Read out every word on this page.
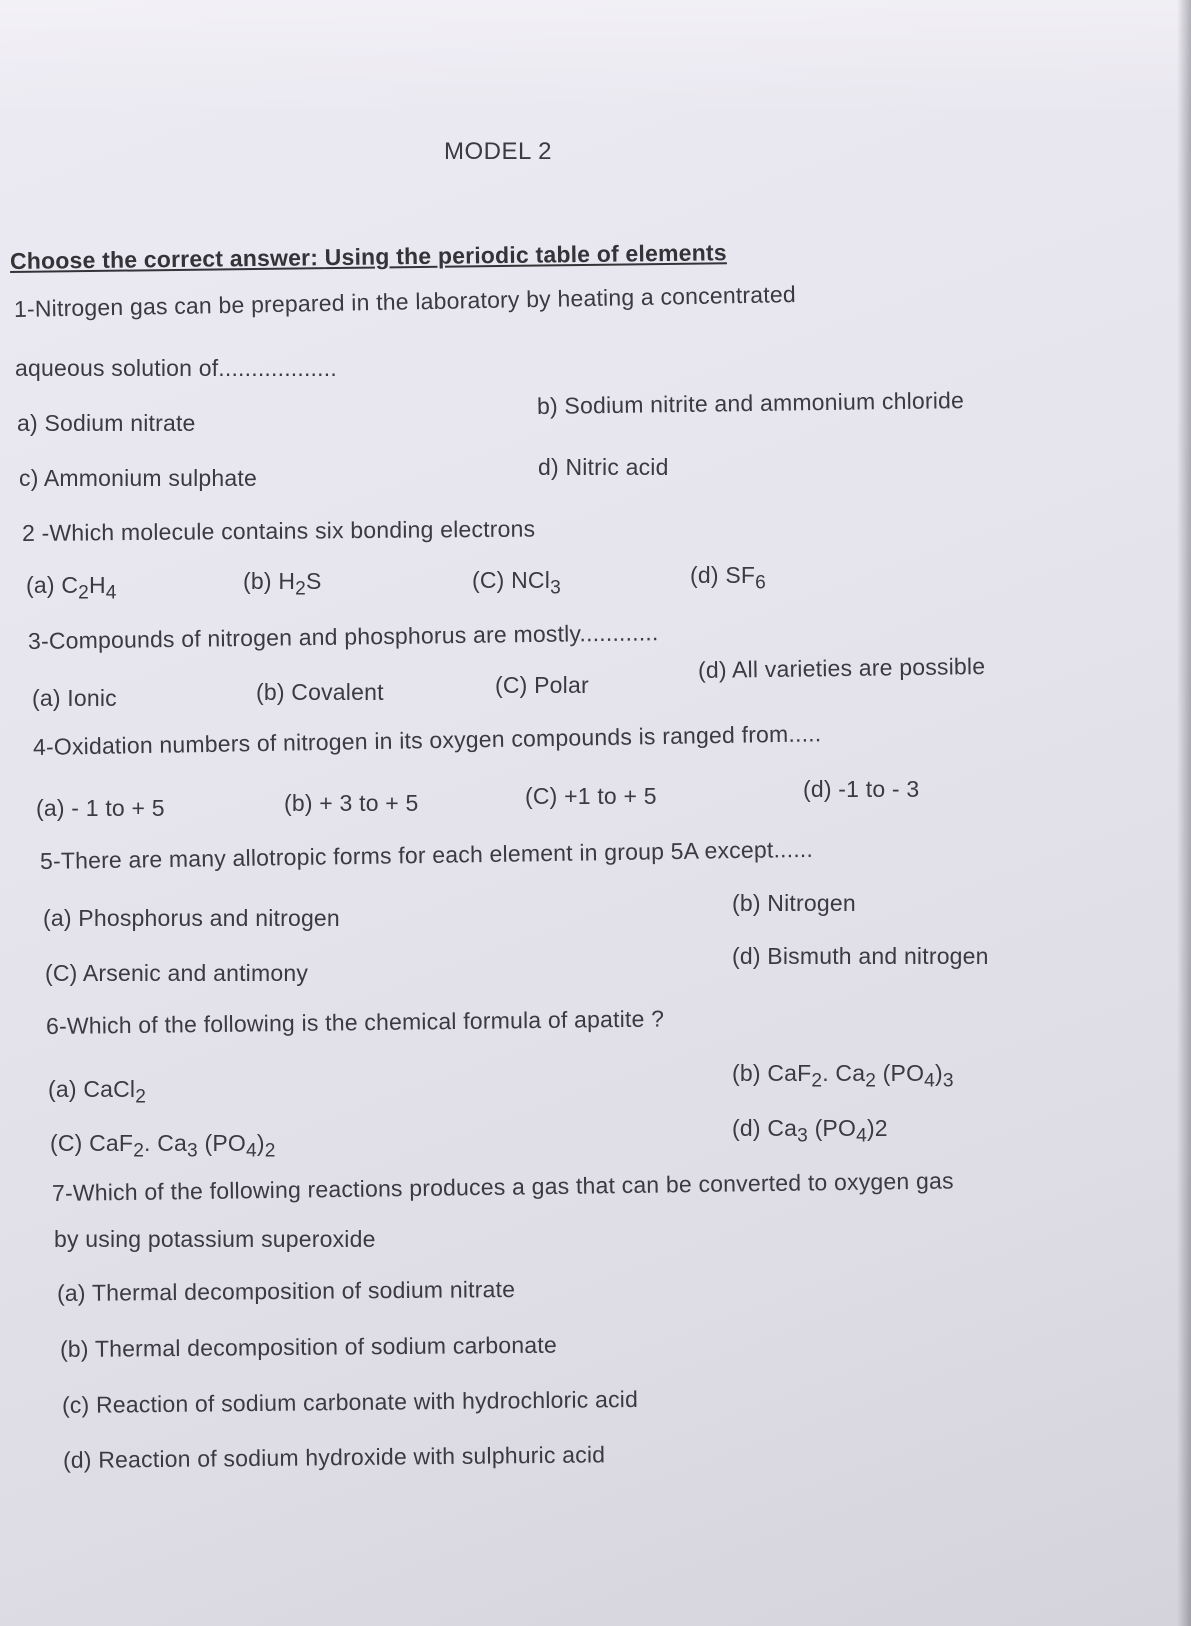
MODEL 2
Choose the correct answer: Using the periodic table of elements
1-Nitrogen gas can be prepared in the laboratory by heating a concentrated
aqueous solution of..................
a) Sodium nitrate
b) Sodium nitrite and ammonium chloride
c) Ammonium sulphate	d) Nitric acid
2 -Which molecule contains six bonding electrons
(a) $C_2H_4$	(b) $H_2S$	(C) NCl$_3$
(d) $SF_6$
3-Compounds of nitrogen and phosphorus are mostly............
(a) Ionic	(b) Covalent	(C) Polar
(d) All varieties are possible
4-Oxidation numbers of nitrogen in its oxygen compounds is ranged from.....
(a) - 1 to + 5	(b) + 3 to + 5	(C) +1 to + 5	(d) -1 to - 3
5-There are many allotropic forms for each element in group 5A except......
(a) Phosphorus and nitrogen
(b) Nitrogen
(C) Arsenic and antimony
(d) Bismuth and nitrogen
6-Which of the following is the chemical formula of apatite ?
(a) CaCl$_2$
(b) CaF$_2$. $Ca_2$ $(PO_4)_3$
(C) CaF$_2$. $Ca_3$ $(PO_4)_2$
(d) $Ca_3$ $(PO_4)2$
7-Which of the following reactions produces a gas that can be converted to oxygen gas
by using potassium superoxide
(a) Thermal decomposition of sodium nitrate
(b) Thermal decomposition of sodium carbonate
(c) Reaction of sodium carbonate with hydrochloric acid
(d) Reaction of sodium hydroxide with sulphuric acid
